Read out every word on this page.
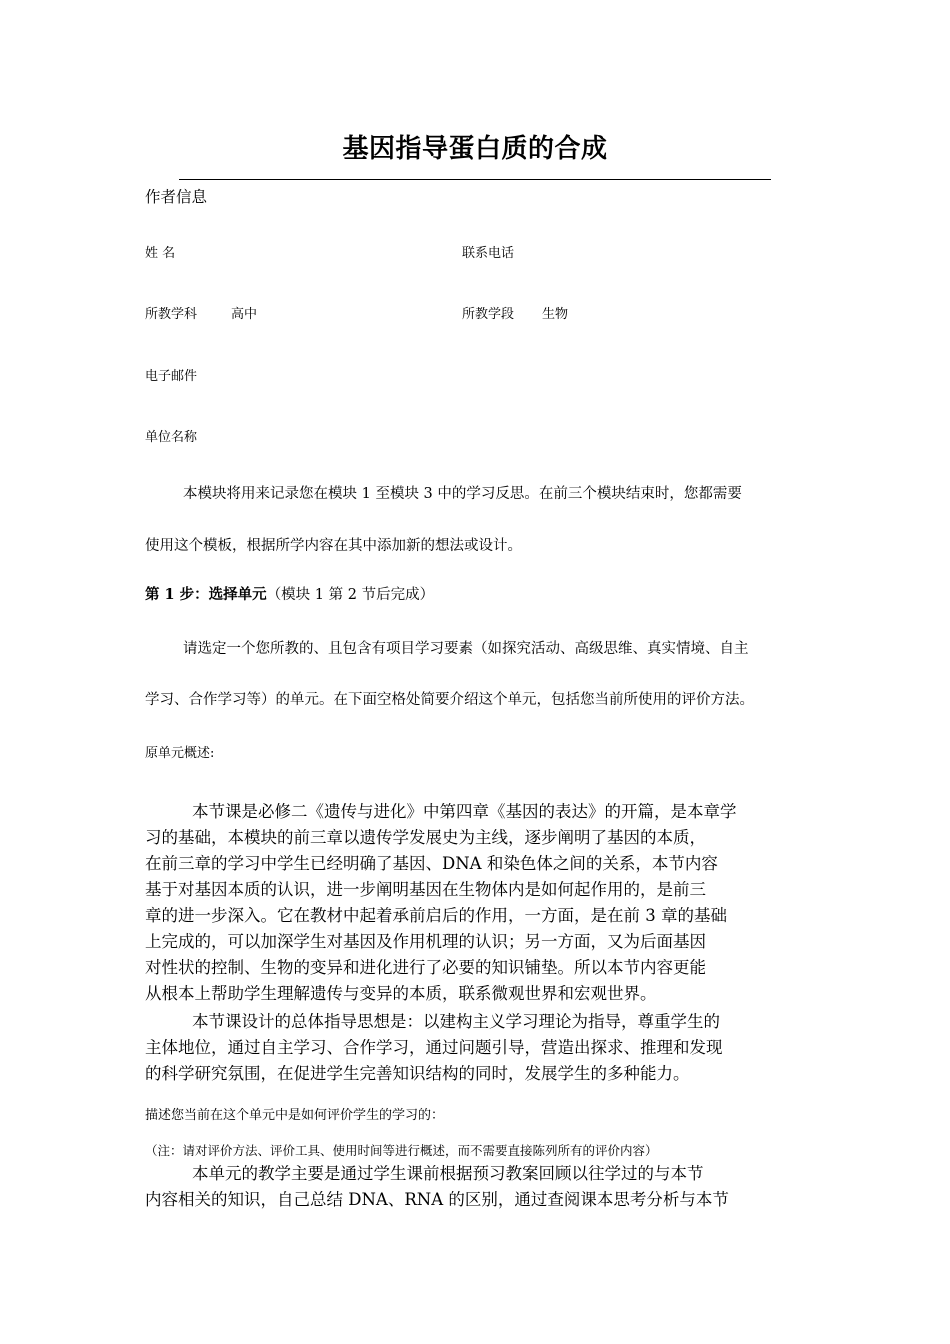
基因指导蛋白质的合成
作者信息
姓 名	联系电话
所教学科	高中	所教学段 生物
电子邮件
单位名称
本模块将用来记录您在模块 1 至模块 3 中的学习反思。在前三个模块结束时，您都需要
使用这个模板，根据所学内容在其中添加新的想法或设计。
第 1 步：选择单元（模块 1 第 2 节后完成）
请选定一个您所教的、且包含有项目学习要素（如探究活动、高级思维、真实情境、自主
学习、合作学习等）的单元。在下面空格处简要介绍这个单元，包括您当前所使用的评价方法。
原单元概述:
本节课是必修二《遗传与进化》中第四章《基因的表达》的开篇，是本章学
习的基础，本模块的前三章以遗传学发展史为主线，逐步阐明了基因的本质，
在前三章的学习中学生已经明确了基因、DNA 和染色体之间的关系，本节内容
基于对基因本质的认识，进一步阐明基因在生物体内是如何起作用的，是前三
章的进一步深入。它在教材中起着承前启后的作用，一方面，是在前 3 章的基础
上完成的，可以加深学生对基因及作用机理的认识；另一方面，又为后面基因
对性状的控制、生物的变异和进化进行了必要的知识铺垫。所以本节内容更能
从根本上帮助学生理解遗传与变异的本质，联系微观世界和宏观世界。
本节课设计的总体指导思想是：以建构主义学习理论为指导，尊重学生的
主体地位，通过自主学习、合作学习，通过问题引导，营造出探求、推理和发现
的科学研究氛围，在促进学生完善知识结构的同时，发展学生的多种能力。
描述您当前在这个单元中是如何评价学生的学习的：
（注：请对评价方法、评价工具、使用时间等进行概述，而不需要直接陈列所有的评价内容）
本单元的教学主要是通过学生课前根据预习教案回顾以往学过的与本节
内容相关的知识，自己总结 DNA、RNA 的区别，通过查阅课本思考分析与本节
